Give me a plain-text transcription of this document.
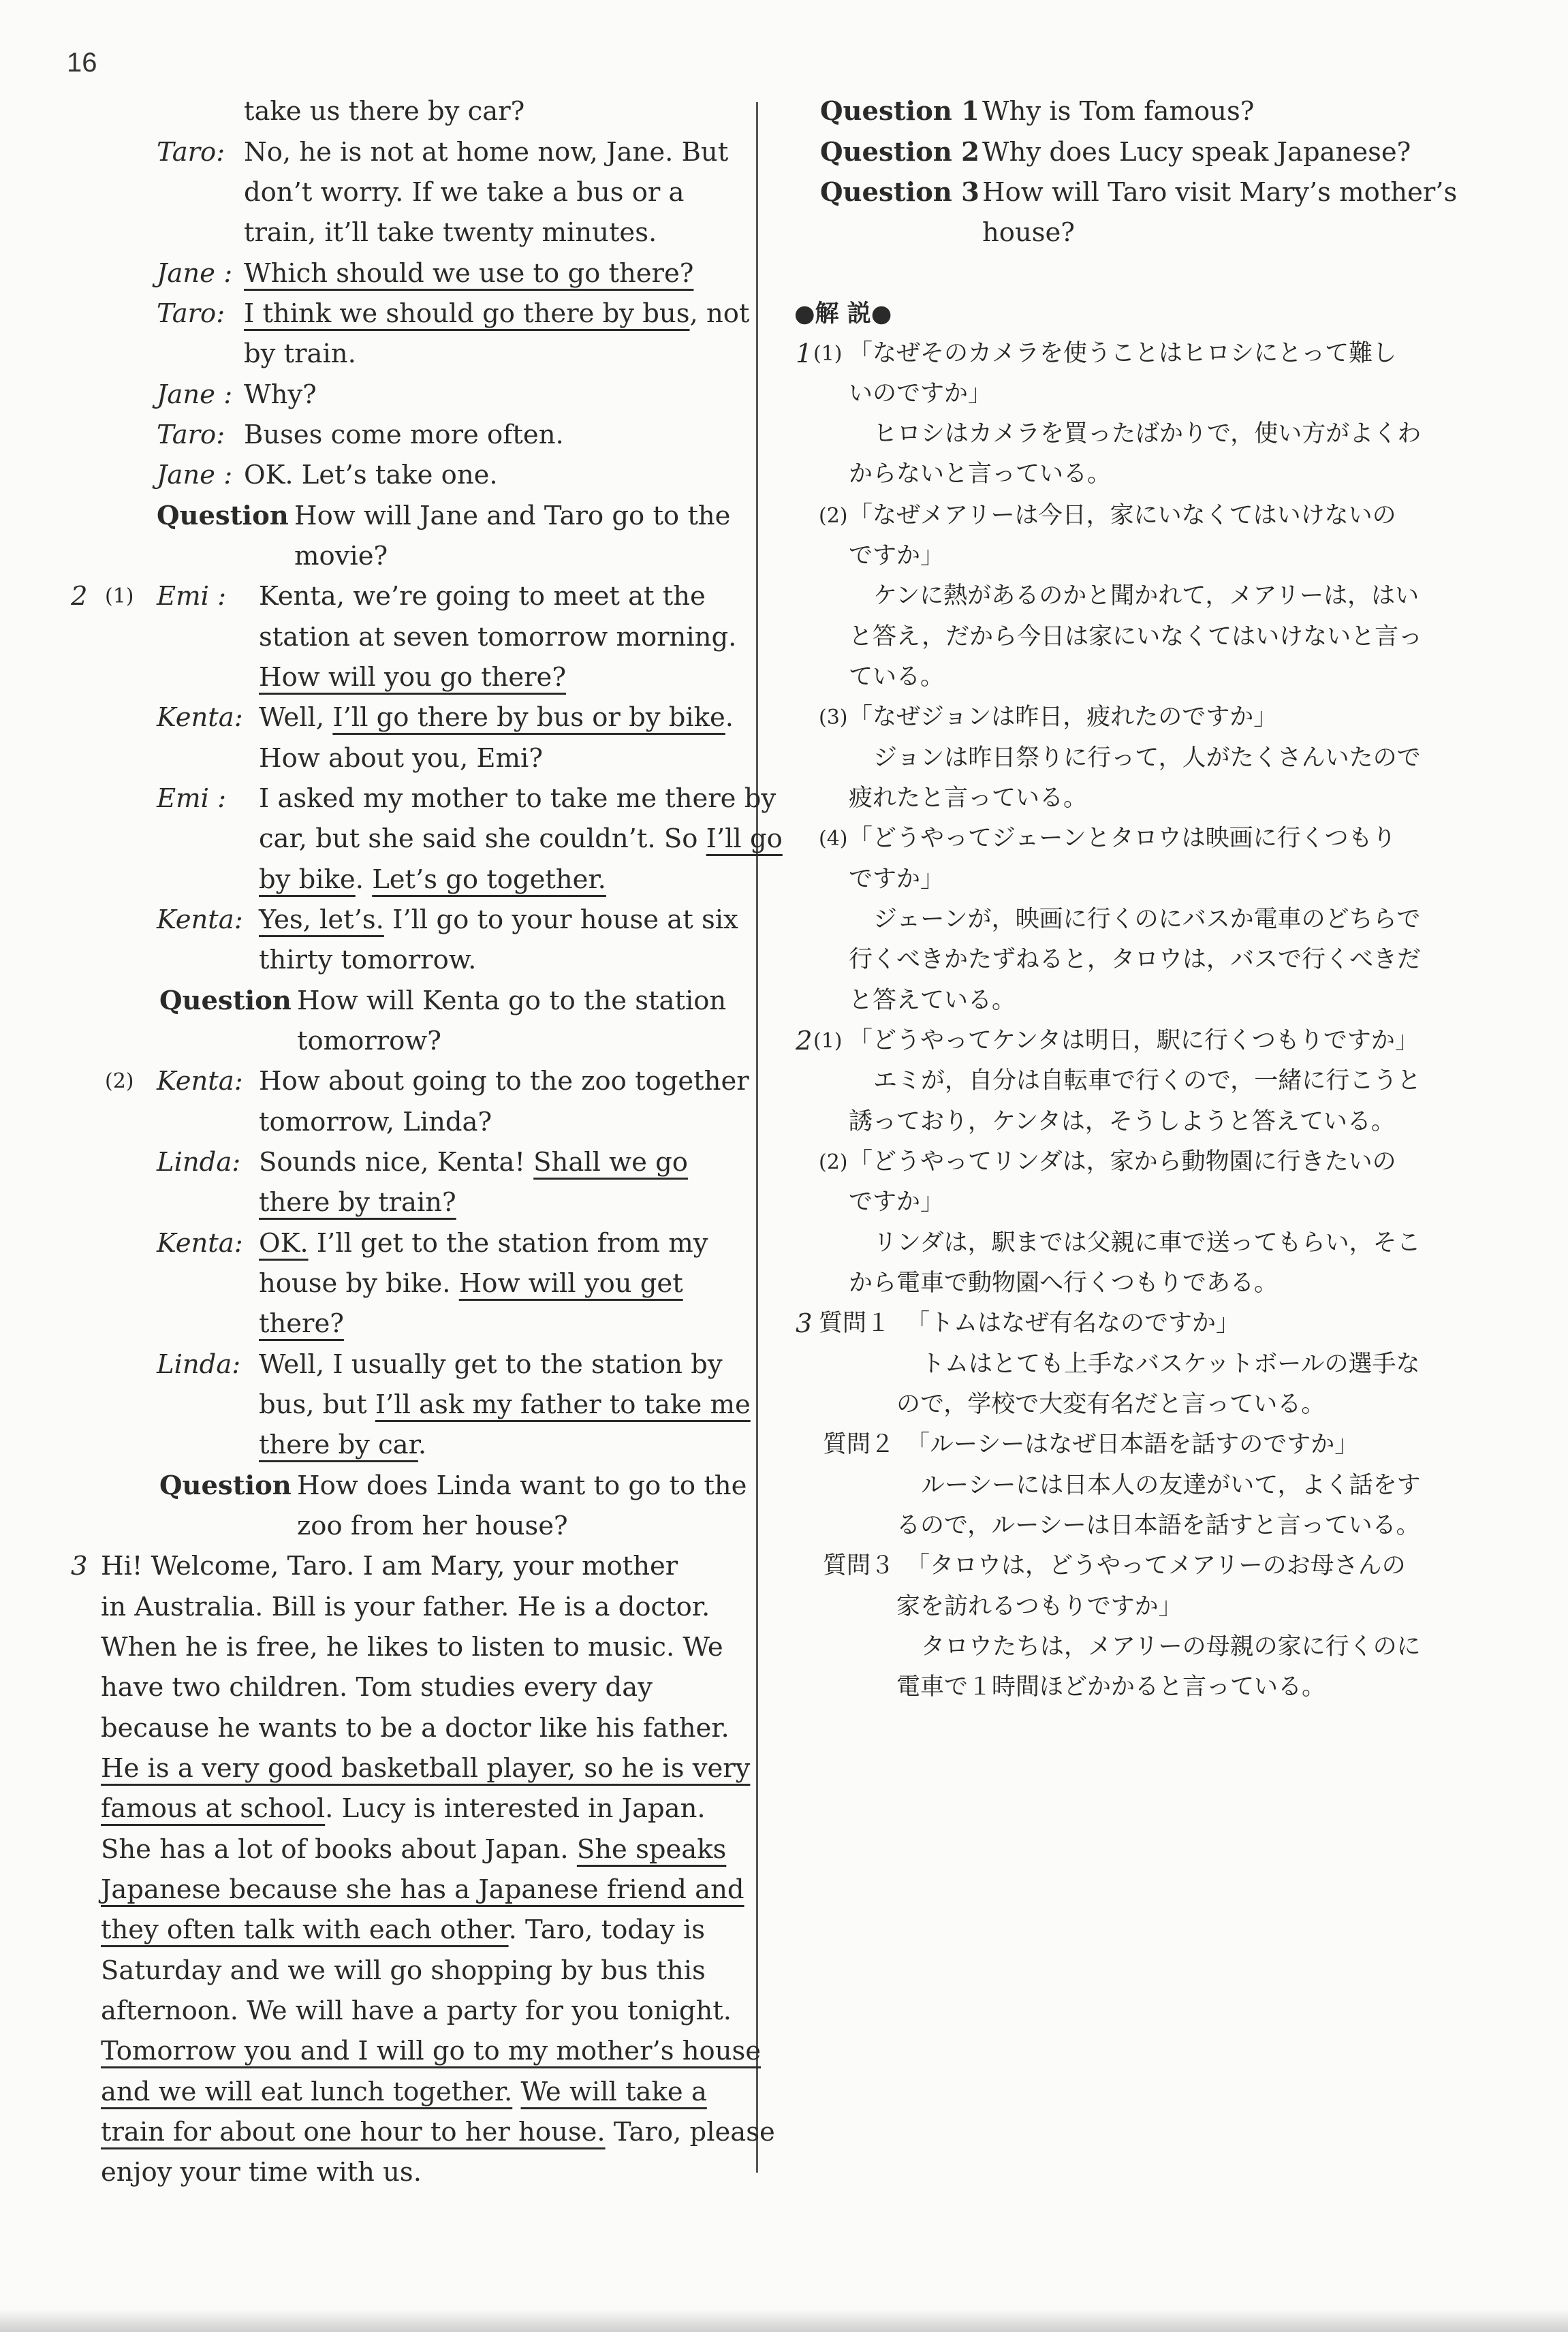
16
take us there by car?
Taro: No, he is not at home now, Jane. But
don’t worry. If we take a bus or a
train, it’ll take twenty minutes.
Jane : Which should we use to go there?
Taro: I think we should go there by bus, not
by train.
Jane : Why?
Taro: Buses come more often.
Jane : OK. Let’s take one.
Question How will Jane and Taro go to the
movie?
2 (1) Emi : Kenta, we’re going to meet at the
station at seven tomorrow morning.
How will you go there?
Kenta: Well, I’ll go there by bus or by bike.
How about you, Emi?
Emi : I asked my mother to take me there by
car, but she said she couldn’t. So I’ll go
by bike. Let’s go together.
Kenta: Yes, let’s. I’ll go to your house at six
thirty tomorrow.
Question How will Kenta go to the station
tomorrow?
(2) Kenta: How about going to the zoo together
tomorrow, Linda?
Linda: Sounds nice, Kenta! Shall we go
there by train?
Kenta: OK. I’ll get to the station from my
house by bike. How will you get
there?
Linda: Well, I usually get to the station by
bus, but I’ll ask my father to take me
there by car.
Question How does Linda want to go to the
zoo from her house?
3 Hi! Welcome, Taro. I am Mary, your mother
in Australia. Bill is your father. He is a doctor.
When he is free, he likes to listen to music. We
have two children. Tom studies every day
because he wants to be a doctor like his father.
He is a very good basketball player, so he is very
famous at school. Lucy is interested in Japan.
She has a lot of books about Japan. She speaks
Japanese because she has a Japanese friend and
they often talk with each other. Taro, today is
Saturday and we will go shopping by bus this
afternoon. We will have a party for you tonight.
Tomorrow you and I will go to my mother’s house
and we will eat lunch together. We will take a
train for about one hour to her house. Taro, please
enjoy your time with us.
Question 1 Why is Tom famous?
Question 2 Why does Lucy speak Japanese?
Question 3 How will Taro visit Mary’s mother’s
house?
●解 説●
1 (1) 「なぜそのカメラを使うことはヒロシにとって難し
いのですか」
ヒロシはカメラを買ったばかりで，使い方がよくわ
からないと言っている。
(2) 「なぜメアリーは今日，家にいなくてはいけないの
ですか」
ケンに熱があるのかと聞かれて，メアリーは，はい
と答え，だから今日は家にいなくてはいけないと言っ
ている。
(3) 「なぜジョンは昨日，疲れたのですか」
ジョンは昨日祭りに行って，人がたくさんいたので
疲れたと言っている。
(4) 「どうやってジェーンとタロウは映画に行くつもり
ですか」
ジェーンが，映画に行くのにバスか電車のどちらで
行くべきかたずねると，タロウは，バスで行くべきだ
と答えている。
2 (1) 「どうやってケンタは明日，駅に行くつもりですか」
エミが，自分は自転車で行くので，一緒に行こうと
誘っており，ケンタは，そうしようと答えている。
(2) 「どうやってリンダは，家から動物園に行きたいの
ですか」
リンダは，駅までは父親に車で送ってもらい，そこ
から電車で動物園へ行くつもりである。
3 質問１ 「トムはなぜ有名なのですか」
トムはとても上手なバスケットボールの選手な
ので，学校で大変有名だと言っている。
質問２ 「ルーシーはなぜ日本語を話すのですか」
ルーシーには日本人の友達がいて，よく話をす
るので，ルーシーは日本語を話すと言っている。
質問３ 「タロウは，どうやってメアリーのお母さんの
家を訪れるつもりですか」
タロウたちは，メアリーの母親の家に行くのに
電車で１時間ほどかかると言っている。
